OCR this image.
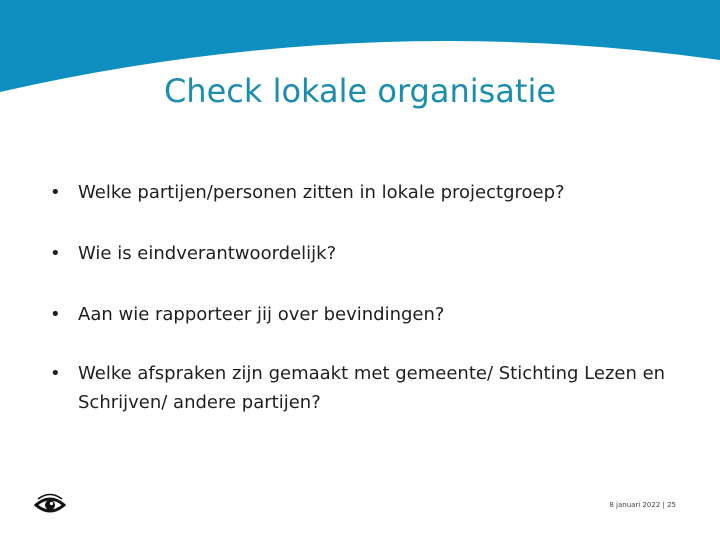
Check lokale organisatie
• Welke partijen/personen zitten in lokale projectgroep?
• Wie is eindverantwoordelijk?
• Aan wie rapporteer jij over bevindingen?
• Welke afspraken zijn gemaakt met gemeente/ Stichting Lezen en Schrijven/ andere partijen?
8 januari 2022 | 25
